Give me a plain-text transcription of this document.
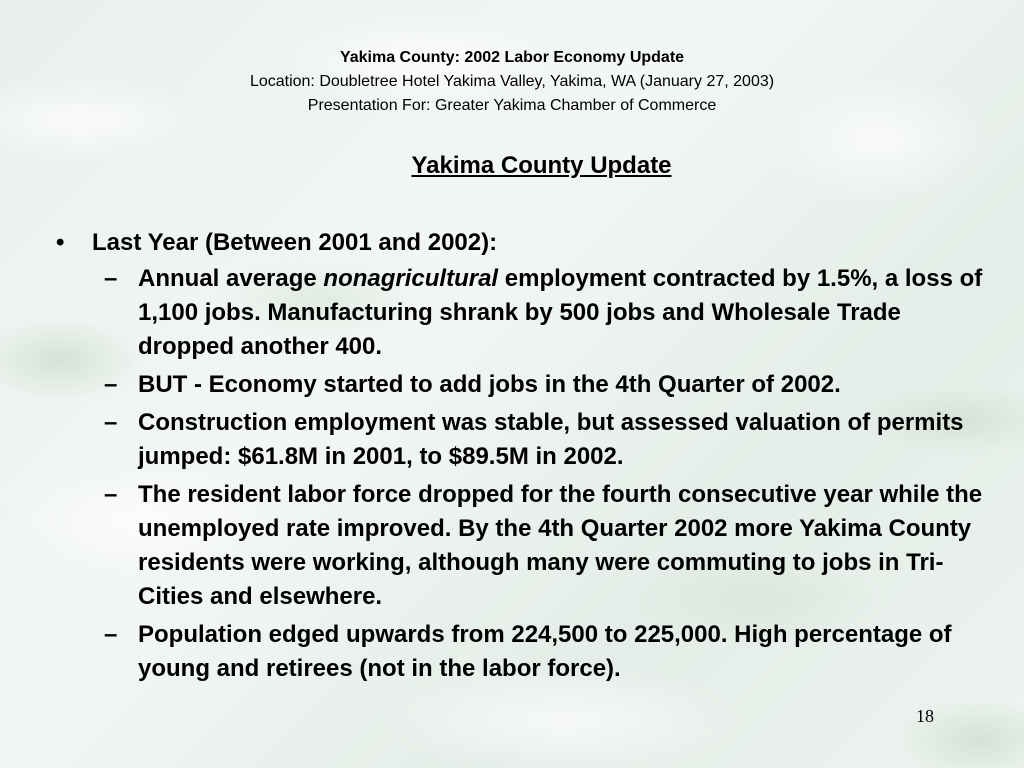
Yakima County: 2002 Labor Economy Update
Location: Doubletree Hotel Yakima Valley, Yakima, WA (January 27, 2003)
Presentation For: Greater Yakima Chamber of Commerce
Yakima County Update
• Last Year (Between 2001 and 2002):
– Annual average nonagricultural employment contracted by 1.5%, a loss of 1,100 jobs. Manufacturing shrank by 500 jobs and Wholesale Trade dropped another 400.
– BUT - Economy started to add jobs in the 4th Quarter of 2002.
– Construction employment was stable, but assessed valuation of permits jumped: $61.8M in 2001, to $89.5M in 2002.
– The resident labor force dropped for the fourth consecutive year while the unemployed rate improved. By the 4th Quarter 2002 more Yakima County residents were working, although many were commuting to jobs in Tri-Cities and elsewhere.
– Population edged upwards from 224,500 to 225,000. High percentage of young and retirees (not in the labor force).
18
